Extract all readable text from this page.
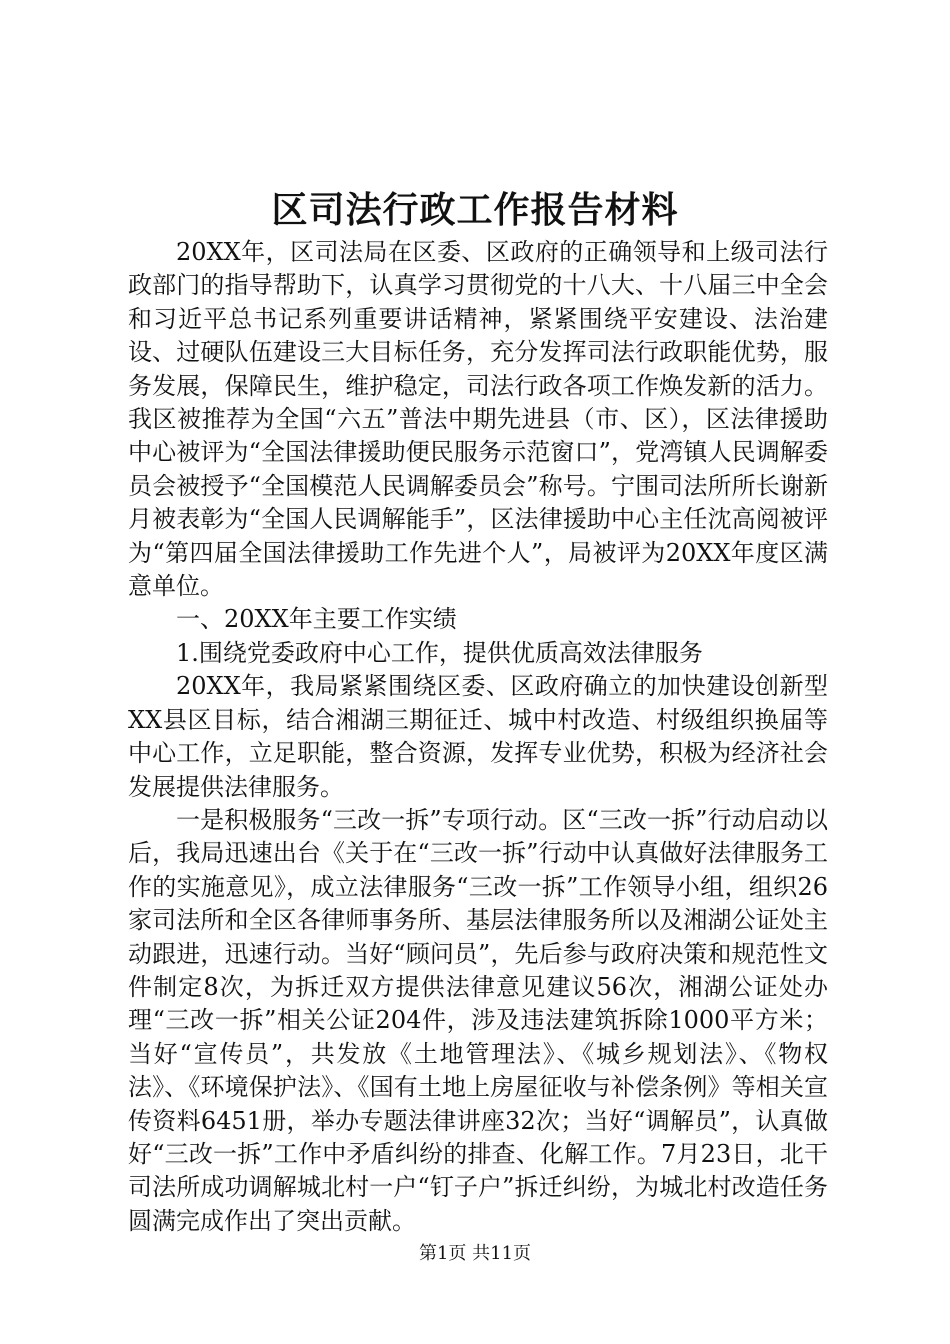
区司法行政工作报告材料

20XX年，区司法局在区委、区政府的正确领导和上级司法行政部门的指导帮助下，认真学习贯彻党的十八大、十八届三中全会和习近平总书记系列重要讲话精神，紧紧围绕平安建设、法治建设、过硬队伍建设三大目标任务，充分发挥司法行政职能优势，服务发展，保障民生，维护稳定，司法行政各项工作焕发新的活力。我区被推荐为全国“六五”普法中期先进县（市、区），区法律援助中心被评为“全国法律援助便民服务示范窗口”，党湾镇人民调解委员会被授予“全国模范人民调解委员会”称号。宁围司法所所长谢新月被表彰为“全国人民调解能手”，区法律援助中心主任沈高阅被评为“第四届全国法律援助工作先进个人”，局被评为20XX年度区满意单位。

一、20XX年主要工作实绩

1.围绕党委政府中心工作，提供优质高效法律服务

20XX年，我局紧紧围绕区委、区政府确立的加快建设创新型XX县区目标，结合湘湖三期征迁、城中村改造、村级组织换届等中心工作，立足职能，整合资源，发挥专业优势，积极为经济社会发展提供法律服务。

一是积极服务“三改一拆”专项行动。区“三改一拆”行动启动以后，我局迅速出台《关于在“三改一拆”行动中认真做好法律服务工作的实施意见》，成立法律服务“三改一拆”工作领导小组，组织26家司法所和全区各律师事务所、基层法律服务所以及湘湖公证处主动跟进，迅速行动。当好“顾问员”，先后参与政府决策和规范性文件制定8次，为拆迁双方提供法律意见建议56次，湘湖公证处办理“三改一拆”相关公证204件，涉及违法建筑拆除1000平方米；当好“宣传员”，共发放《土地管理法》、《城乡规划法》、《物权法》、《环境保护法》、《国有土地上房屋征收与补偿条例》等相关宣传资料6451册，举办专题法律讲座32次；当好“调解员”，认真做好“三改一拆”工作中矛盾纠纷的排查、化解工作。7月23日，北干司法所成功调解城北村一户“钉子户”拆迁纠纷，为城北村改造任务圆满完成作出了突出贡献。

第1页 共11页
